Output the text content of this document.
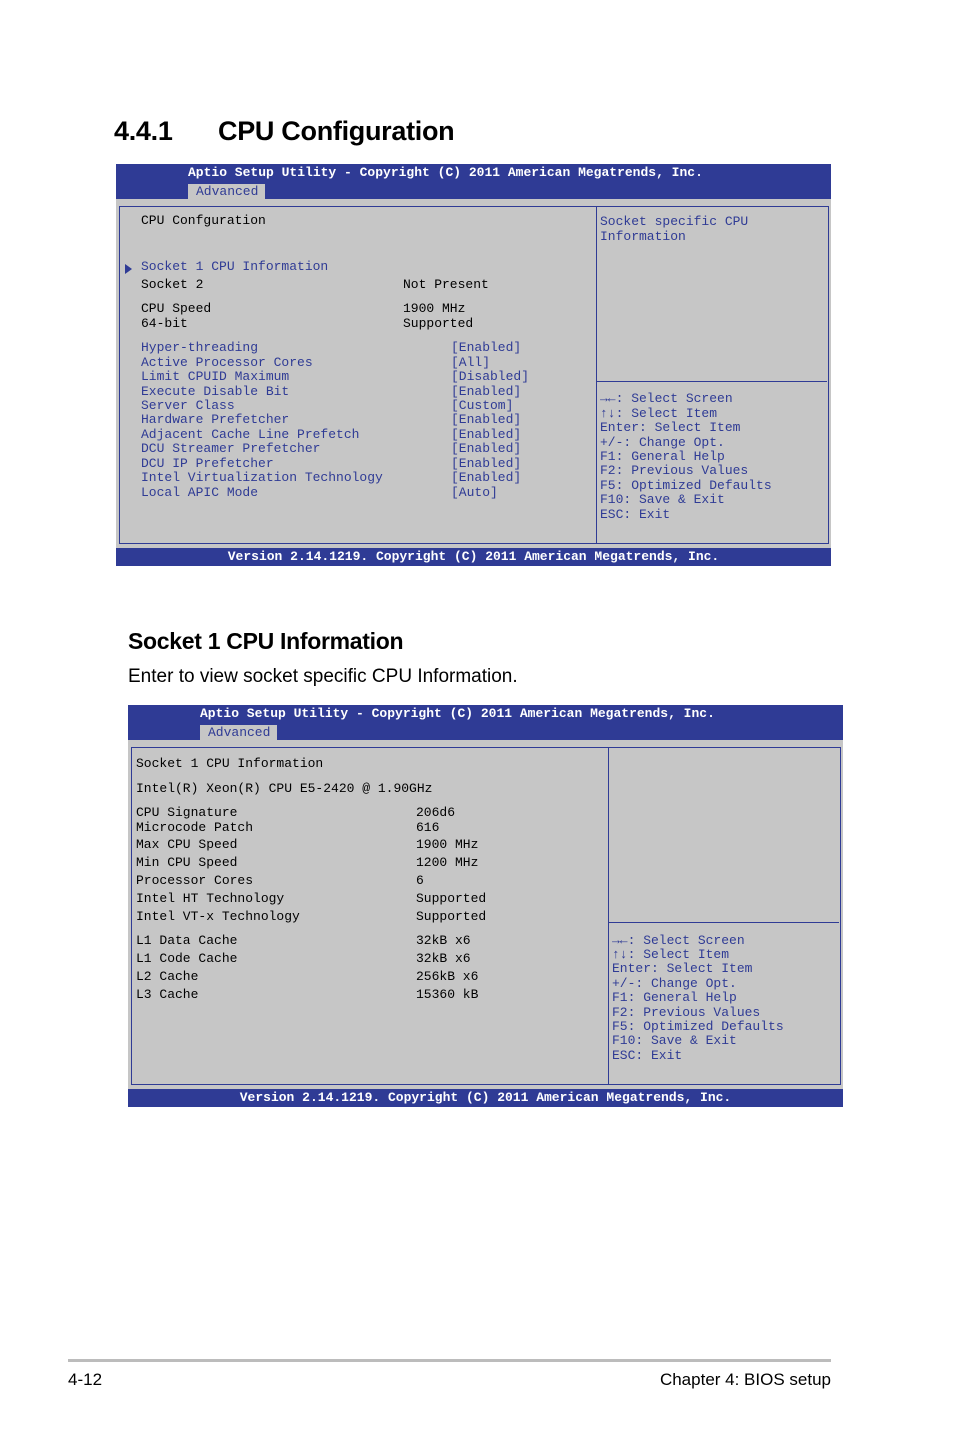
4.4.1 CPU Configuration
Aptio Setup Utility - Copyright (C) 2011 American Megatrends, Inc.
Advanced
CPU Confguration
Socket 1 CPU Information
Socket 2	Not Present
CPU Speed	1900 MHz
64-bit	Supported
Hyper-threading	[Enabled]
Active Processor Cores	[All]
Limit CPUID Maximum	[Disabled]
Execute Disable Bit	[Enabled]
Server Class	[Custom]
Hardware Prefetcher	[Enabled]
Adjacent Cache Line Prefetch	[Enabled]
DCU Streamer Prefetcher	[Enabled]
DCU IP Prefetcher	[Enabled]
Intel Virtualization Technology	[Enabled]
Local APIC Mode	[Auto]
Socket specific CPU
Information
→←: Select Screen
↑↓: Select Item
Enter: Select Item
+/-: Change Opt.
F1: General Help
F2: Previous Values
F5: Optimized Defaults
F10: Save & Exit
ESC: Exit
Version 2.14.1219. Copyright (C) 2011 American Megatrends, Inc.
Socket 1 CPU Information
Enter to view socket specific CPU Information.
Aptio Setup Utility - Copyright (C) 2011 American Megatrends, Inc.
Advanced
Socket 1 CPU Information
Intel(R) Xeon(R) CPU E5-2420 @ 1.90GHz
CPU Signature	206d6
Microcode Patch	616
Max CPU Speed	1900 MHz
Min CPU Speed	1200 MHz
Processor Cores	6
Intel HT Technology	Supported
Intel VT-x Technology	Supported
L1 Data Cache	32kB x6
L1 Code Cache	32kB x6
L2 Cache	256kB x6
L3 Cache	15360 kB
→←: Select Screen
↑↓: Select Item
Enter: Select Item
+/-: Change Opt.
F1: General Help
F2: Previous Values
F5: Optimized Defaults
F10: Save & Exit
ESC: Exit
Version 2.14.1219. Copyright (C) 2011 American Megatrends, Inc.
4-12	Chapter 4: BIOS setup
